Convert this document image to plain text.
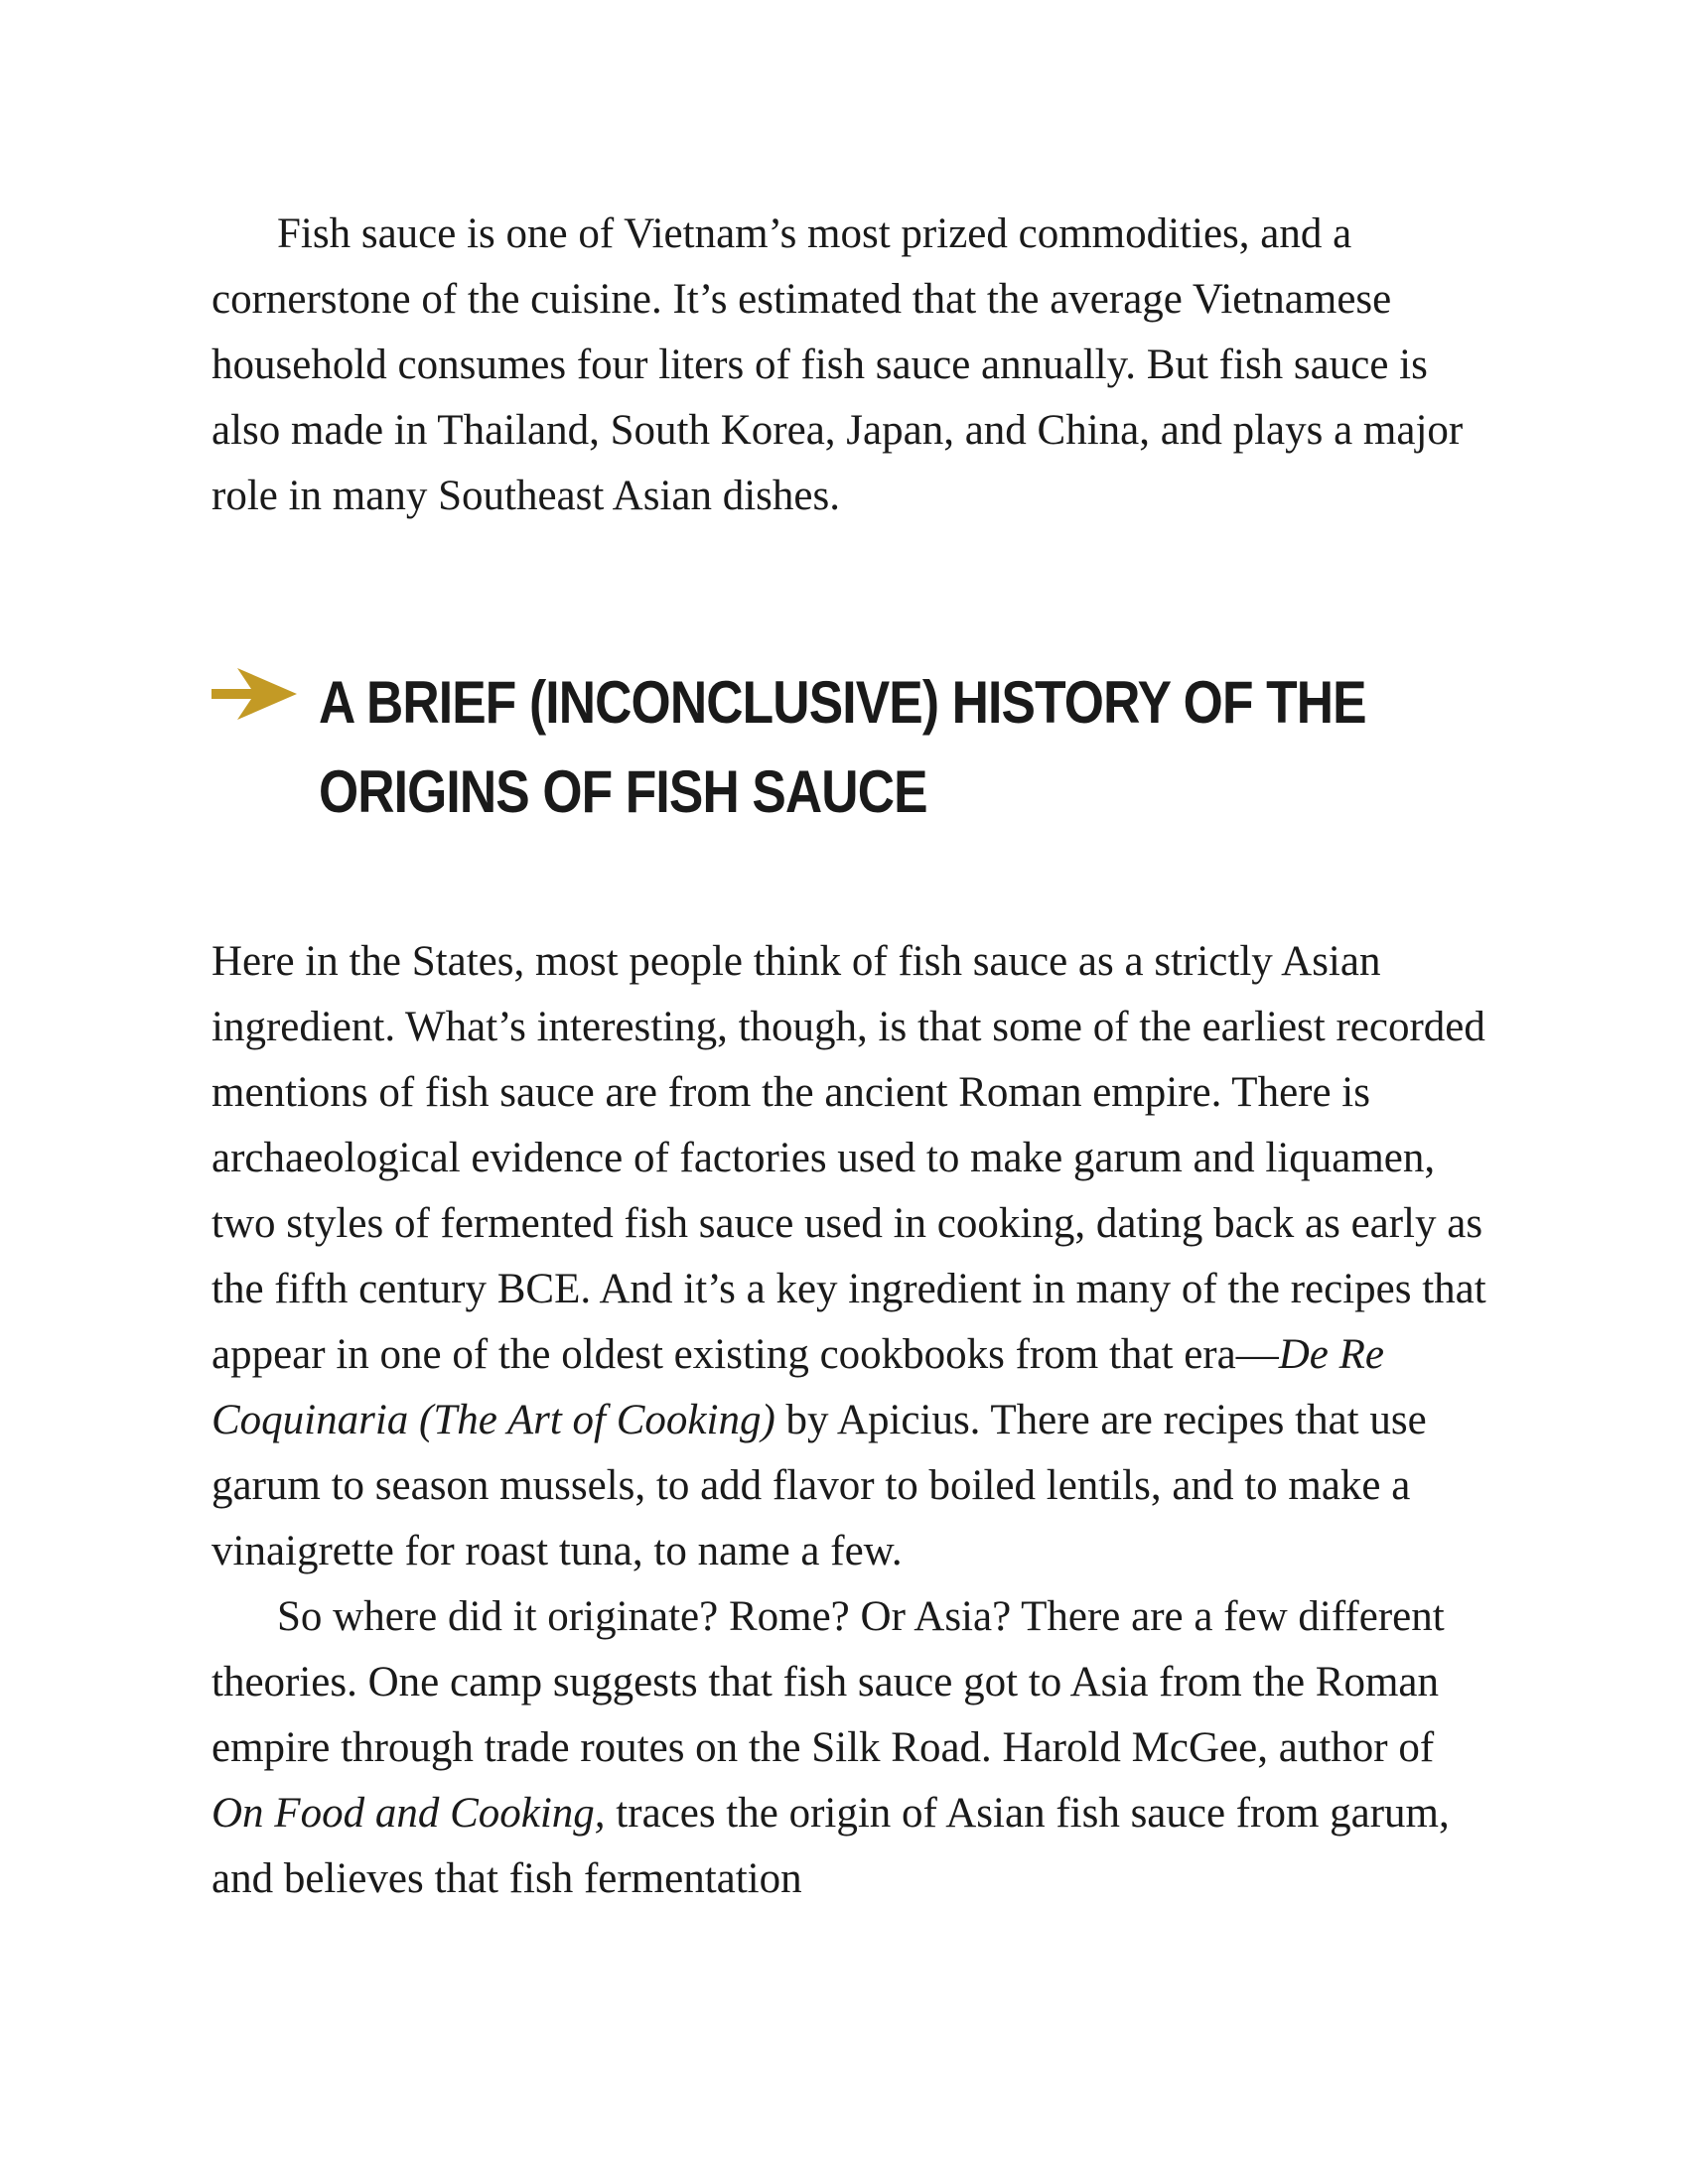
Fish sauce is one of Vietnam’s most prized commodities, and a cornerstone of the cuisine. It’s estimated that the average Vietnamese household consumes four liters of fish sauce annually. But fish sauce is also made in Thailand, South Korea, Japan, and China, and plays a major role in many Southeast Asian dishes.

A BRIEF (INCONCLUSIVE) HISTORY OF THE ORIGINS OF FISH SAUCE

Here in the States, most people think of fish sauce as a strictly Asian ingredient. What’s interesting, though, is that some of the earliest recorded mentions of fish sauce are from the ancient Roman empire. There is archaeological evidence of factories used to make garum and liquamen, two styles of fermented fish sauce used in cooking, dating back as early as the fifth century BCE. And it’s a key ingredient in many of the recipes that appear in one of the oldest existing cookbooks from that era—De Re Coquinaria (The Art of Cooking) by Apicius. There are recipes that use garum to season mussels, to add flavor to boiled lentils, and to make a vinaigrette for roast tuna, to name a few.

So where did it originate? Rome? Or Asia? There are a few different theories. One camp suggests that fish sauce got to Asia from the Roman empire through trade routes on the Silk Road. Harold McGee, author of On Food and Cooking, traces the origin of Asian fish sauce from garum, and believes that fish fermentation
